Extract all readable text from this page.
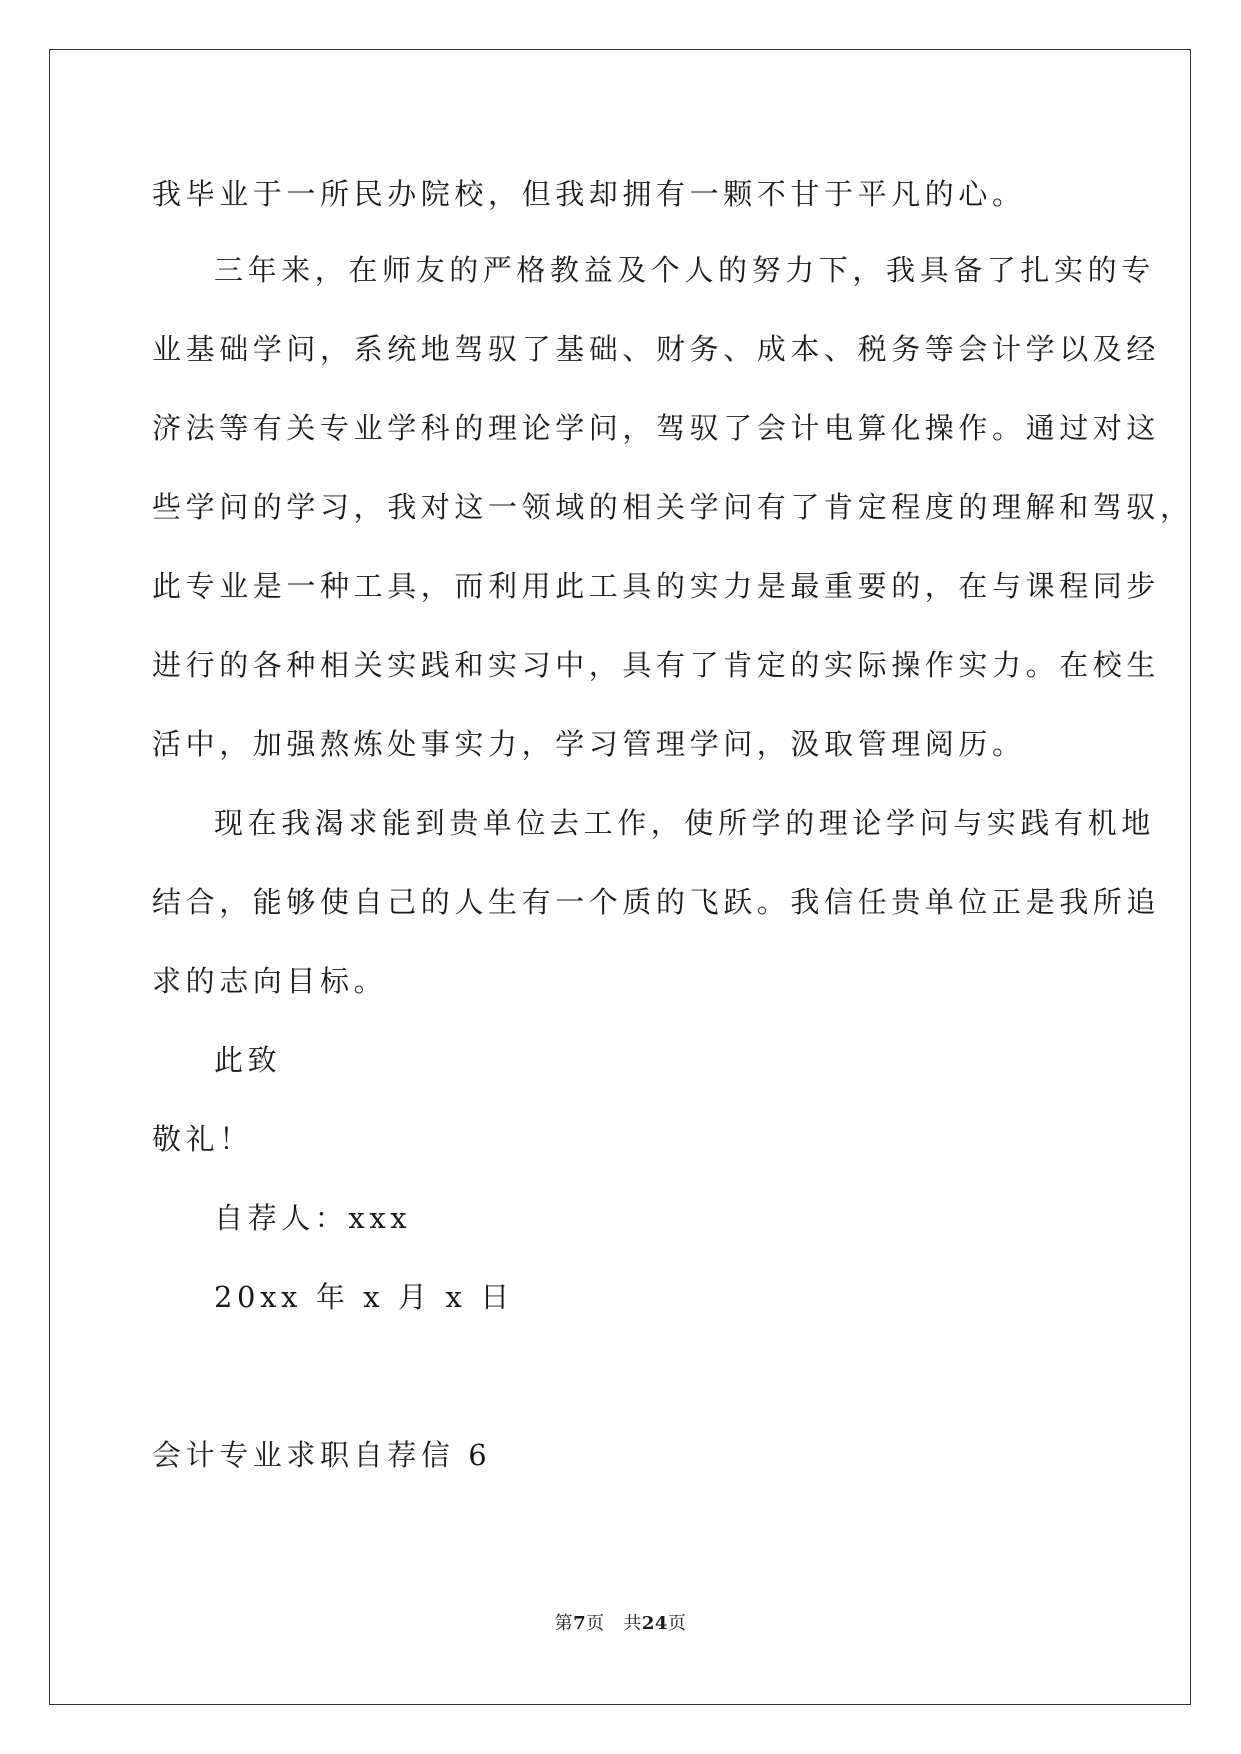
我毕业于一所民办院校，但我却拥有一颗不甘于平凡的心。
三年来，在师友的严格教益及个人的努力下，我具备了扎实的专
业基础学问，系统地驾驭了基础、财务、成本、税务等会计学以及经
济法等有关专业学科的理论学问，驾驭了会计电算化操作。通过对这
些学问的学习，我对这一领域的相关学问有了肯定程度的理解和驾驭，
此专业是一种工具，而利用此工具的实力是最重要的，在与课程同步
进行的各种相关实践和实习中，具有了肯定的实际操作实力。在校生
活中，加强熬炼处事实力，学习管理学问，汲取管理阅历。
现在我渴求能到贵单位去工作，使所学的理论学问与实践有机地
结合，能够使自己的人生有一个质的飞跃。我信任贵单位正是我所追
求的志向目标。
此致
敬礼！
自荐人：xxx
20xx 年 x 月 x 日
会计专业求职自荐信 6
第7页 共24页
